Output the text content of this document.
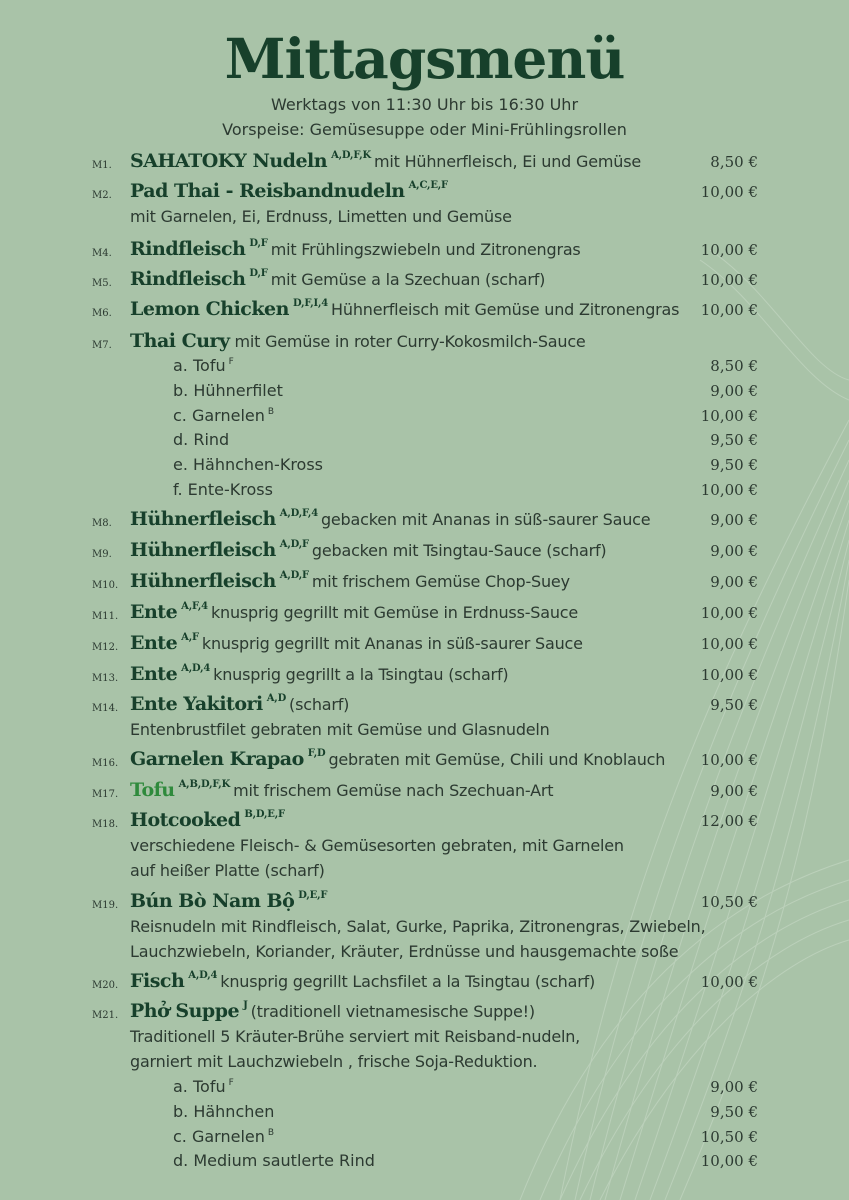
Mittagsmenü
Werktags von 11:30 Uhr bis 16:30 Uhr
Vorspeise: Gemüsesuppe oder Mini-Frühlingsrollen
M1. SAHATOKY Nudeln $^{A,D,F,K}$ mit Hühnerfleisch, Ei und Gemüse	8,50 €
M2. Pad Thai - Reisbandnudeln $^{A,C,E,F}$	10,00 €
mit Garnelen, Ei, Erdnuss, Limetten und Gemüse
M4. Rindfleisch $^{D,F}$ mit Frühlingszwiebeln und Zitronengras	10,00 €
M5. Rindfleisch $^{D,F}$ mit Gemüse a la Szechuan (scharf)	10,00 €
M6. Lemon Chicken $^{D,F,I,4}$ Hühnerfleisch mit Gemüse und Zitronengras 10,00 €
M7. Thai Cury mit Gemüse in roter Curry-Kokosmilch-Sauce
a. Tofu $^F$	8,50 €
b. Hühnerfilet	9,00 €
c. Garnelen $^B$	10,00 €
d. Rind	9,50 €
e. Hähnchen-Kross	9,50 €
f. Ente-Kross	10,00 €
M8. Hühnerfleisch $^{A,D,F,4}$ gebacken mit Ananas in süß-saurer Sauce	9,00 €
M9. Hühnerfleisch $^{A,D,F}$ gebacken mit Tsingtau-Sauce (scharf)	9,00 €
M10. Hühnerfleisch $^{A,D,F}$ mit frischem Gemüse Chop-Suey	9,00 €
M11. Ente $^{A,F,4}$ knusprig gegrillt mit Gemüse in Erdnuss-Sauce	10,00 €
M12. Ente $^{A,F}$ knusprig gegrillt mit Ananas in süß-saurer Sauce	10,00 €
M13. Ente $^{A,D,4}$ knusprig gegrillt a la Tsingtau (scharf)	10,00 €
M14. Ente Yakitori $^{A,D}$ (scharf)	9,50 €
Entenbrustfilet gebraten mit Gemüse und Glasnudeln
M16. Garnelen Krapao $^{F,D}$ gebraten mit Gemüse, Chili und Knoblauch 10,00 €
M17. Tofu $^{A,B,D,F,K}$ mit frischem Gemüse nach Szechuan-Art	9,00 €
M18. Hotcooked $^{B,D,E,F}$	12,00 €
verschiedene Fleisch- & Gemüsesorten gebraten, mit Garnelen
auf heißer Platte (scharf)
M19. Bún Bò Nam Bộ $^{D,E,F}$	10,50 €
Reisnudeln mit Rindfleisch, Salat, Gurke, Paprika, Zitronengras, Zwiebeln,
Lauchzwiebeln, Koriander, Kräuter, Erdnüsse und hausgemachte soße
M20. Fisch $^{A,D,4}$ knusprig gegrillt Lachsfilet a la Tsingtau (scharf)	10,00 €
M21. Phở Suppe $^J$ (traditionell vietnamesische Suppe!)
Traditionell 5 Kräuter-Brühe serviert mit Reisband-nudeln,
garniert mit Lauchzwiebeln , frische Soja-Reduktion.
a. Tofu $^F$	9,00 €
b. Hähnchen	9,50 €
c. Garnelen $^B$	10,50 €
d. Medium sautlerte Rind	10,00 €
